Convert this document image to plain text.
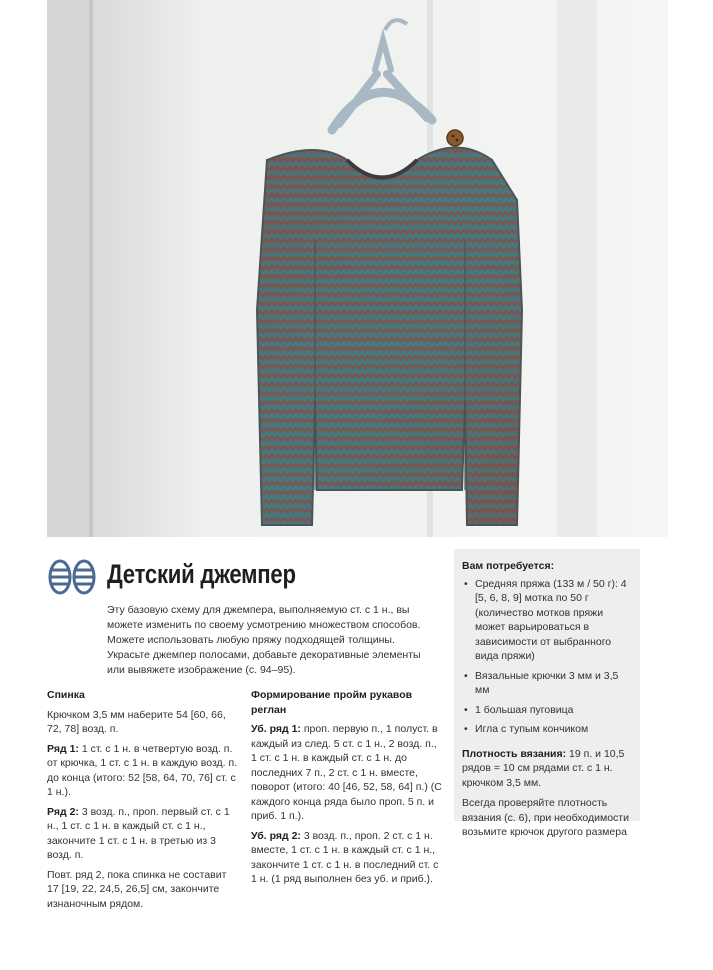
Детский джемпер

Эту базовую схему для джемпера, выполняемую ст. с 1 н., вы можете изменить по своему усмотрению множеством способов. Можете использовать любую пряжу подходящей толщины. Украсьте джемпер полосами, добавьте декоративные элементы или вывяжете изображение (с. 94–95).

Спинка

Крючком 3,5 мм наберите 54 [60, 66, 72, 78] возд. п.

Ряд 1: 1 ст. с 1 н. в четвертую возд. п. от крючка, 1 ст. с 1 н. в каждую возд. п. до конца (итого: 52 [58, 64, 70, 76] ст. с 1 н.).

Ряд 2: 3 возд. п., проп. первый ст. с 1 н., 1 ст. с 1 н. в каждый ст. с 1 н., закончите 1 ст. с 1 н. в третью из 3 возд. п.

Повт. ряд 2, пока спинка не составит 17 [19, 22, 24,5, 26,5] см, закончите изнаночным рядом.

Формирование пройм рукавов реглан

Уб. ряд 1: проп. первую п., 1 полуст. в каждый из след. 5 ст. с 1 н., 2 возд. п., 1 ст. с 1 н. в каждый ст. с 1 н. до последних 7 п., 2 ст. с 1 н. вместе, поворот (итого: 40 [46, 52, 58, 64] п.) (С каждого конца ряда было проп. 5 п. и приб. 1 п.).

Уб. ряд 2: 3 возд. п., проп. 2 ст. с 1 н. вместе, 1 ст. с 1 н. в каждый ст. с 1 н., закончите 1 ст. с 1 н. в последний ст. с 1 н. (1 ряд выполнен без уб. и приб.).

Вам потребуется:
• Средняя пряжа (133 м / 50 г): 4 [5, 6, 8, 9] мотка по 50 г (количество мотков пряжи может варьироваться в зависимости от выбранного вида пряжи)
• Вязальные крючки 3 мм и 3,5 мм
• 1 большая пуговица
• Игла с тупым кончиком

Плотность вязания: 19 п. и 10,5 рядов = 10 см рядами ст. с 1 н. крючком 3,5 мм.

Всегда проверяйте плотность вязания (с. 6), при необходимости возьмите крючок другого размера
